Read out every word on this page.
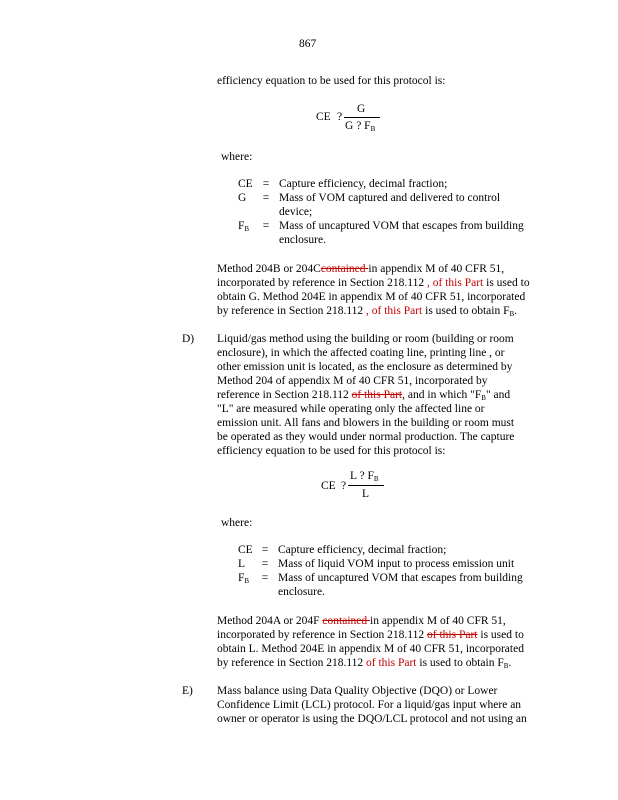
867
efficiency equation to be used for this protocol is:
CE ?
G
G ? $F_B$
where:
CE = Capture efficiency, decimal fraction;
G	= Mass of VOM captured and delivered to control
device;
$F_B$	= Mass of uncaptured VOM that escapes from building
enclosure.
Method 204B or 204Ccontained in appendix M of 40 CFR 51,
incorporated by reference in Section 218.112 , of this Part is used to
obtain G. Method 204E in appendix M of 40 CFR 51, incorporated
by reference in Section 218.112 , of this Part is used to obtain $F_B$.
D) Liquid/gas method using the building or room (building or room
enclosure), in which the affected coating line, printing line , or
other emission unit is located, as the enclosure as determined by
Method 204 of appendix M of 40 CFR 51, incorporated by
reference in Section 218.112 of this Part, and in which "$F_B$" and
"L" are measured while operating only the affected line or
emission unit. All fans and blowers in the building or room must
be operated as they would under normal production. The capture
efficiency equation to be used for this protocol is:
CE ?
L ? $F_B$
L
where:
CE = Capture efficiency, decimal fraction;
L	= Mass of liquid VOM input to process emission unit
$F_B$	= Mass of uncaptured VOM that escapes from building
enclosure.
Method 204A or 204F contained in appendix M of 40 CFR 51,
incorporated by reference in Section 218.112 of this Part is used to
obtain L. Method 204E in appendix M of 40 CFR 51, incorporated
by reference in Section 218.112 of this Part is used to obtain $F_B$.
E) Mass balance using Data Quality Objective (DQO) or Lower
Confidence Limit (LCL) protocol. For a liquid/gas input where an
owner or operator is using the DQO/LCL protocol and not using an
